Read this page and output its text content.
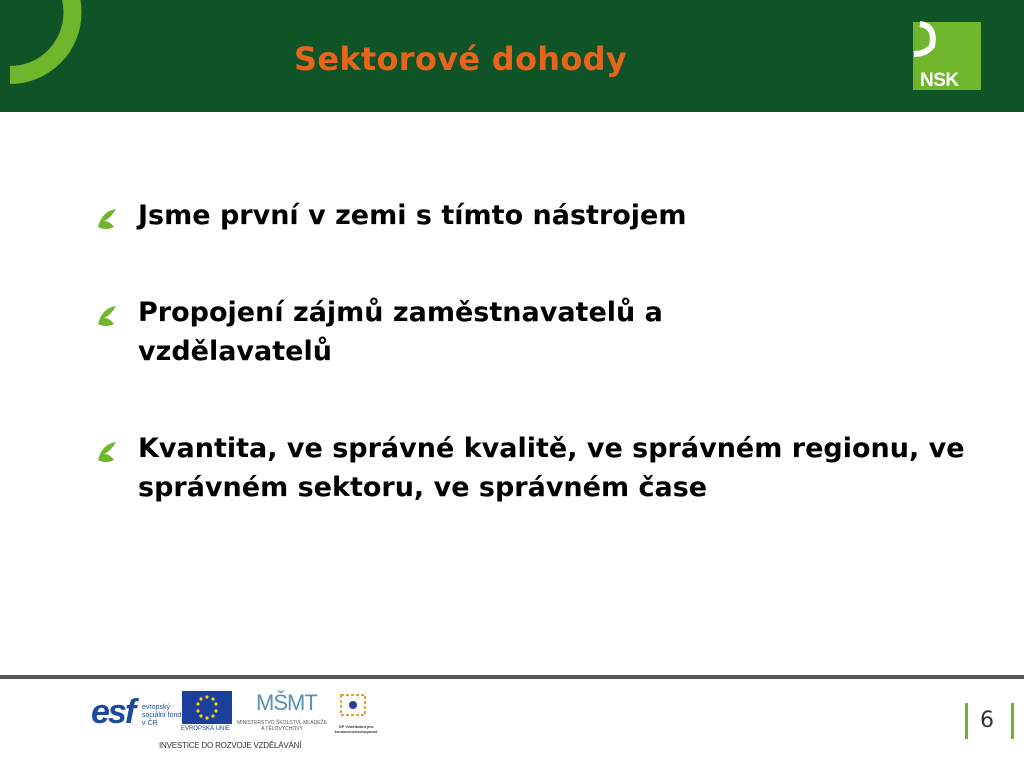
Sektorové dohody
NSK2

Jsme první v zemi s tímto nástrojem

Propojení zájmů zaměstnavatelů a vzdělavatelů

Kvantita, ve správné kvalitě, ve správném regionu, ve správném sektoru, ve správném čase

esf evropský sociální fond v ČR
EVROPSKÁ UNIE
MŠMT
MINISTERSTVO ŠKOLSTVÍ, MLÁDEŽE A TĚLOVÝCHOVY	OP Vzdělávání pro konkurenceschopnost
INVESTICE DO ROZVOJE VZDĚLÁVÁNÍ

6
